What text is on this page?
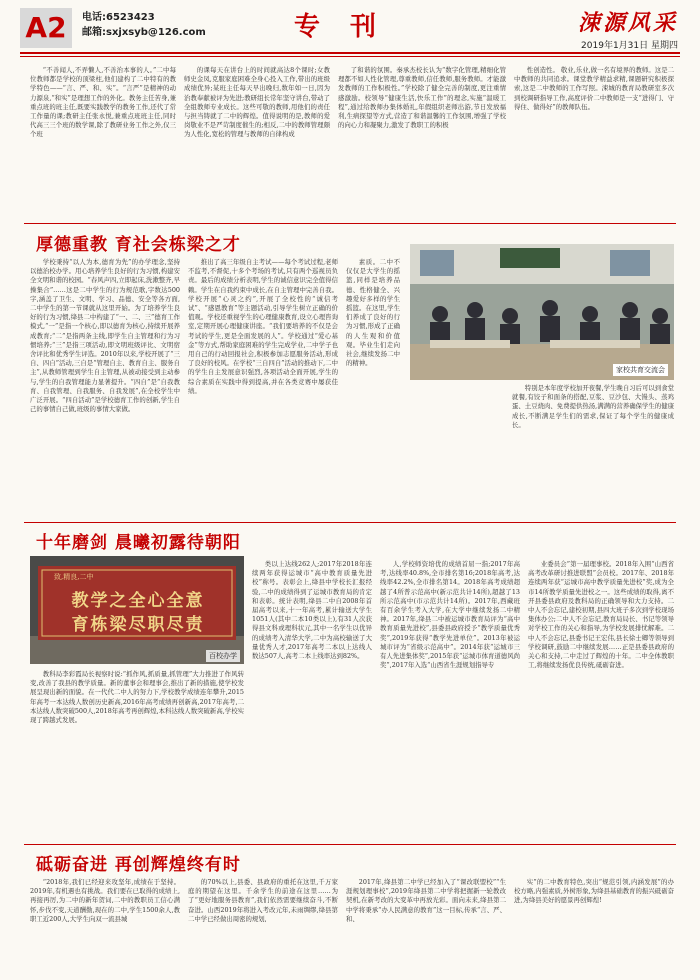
A2	电话:6523423
邮箱:sxjxsyb@126.com	专刊	涑源风采
2019年1月31日 星期四

“不善闻人,不弄懒人,不善治本事的人。”二中每位教师都是学校的顶梁柱,他们建构了二中特有的教学特色——“言、严、和、实”。“言严”是精神的动力源泉,“和实”是理想工作的外化。教务主任苦身,兼重点班的班主任,既要实践教学的教务工作,还代了常工作量的课;教研主任张永悦,兼重点班班主任,同时代高三三个班的数学课,除了教研业务工作之外,仅三个班

的课每天在讲台上的时间就高达8个课时;女教师史金凤,克服家庭困难全身心投入工作,带出的班级成绩优异;某班主任每天早出晚归,数年如一日,因为治教奉献被评为先进;教研组长常年坚守讲台,带动了全组教师专业成长。这些可敬的教师,用他们的责任与担当铸就了二中的辉煌。值得说明的是,教师的爱岗敬业不是严苛制度催生的;相反,二中的教师管理颇为人性化,宽松的管理与教师的自律构成

了和谐的氛围。秦承杰校长认为“数字化管理,精细化管理都不如人性化管理,尊重教师,信任教师,服务教师。才能激发教师的工作积极性。”学校除了健全完善的制度,更注重情感激励。校领导“健康生活,快乐工作”的理念,实施“温暖工程”,通过给教师办集体婚礼,年假组织老师出游,节日发放福利,生病探望等方式,营造了和谐温馨的工作氛围,增强了学校的向心力和凝聚力,激发了教职工的积极

性创造性。 敬业,乐业,做一名有境界的教师。这是二中教师的共同追求。课堂教学精益求精,课题研究积极探索,这是二中教师的工作写照。涑城的教育局教研室多次到校调研指导工作,高度评价二中教师是一支“进得门、守得住、做得好”的教师队伍。

厚德重教 育社会栋梁之才

学校秉持“以人为本,德育为先”的办学理念,坚持以德治校办学。用心培养学生良好的行为习惯,构建安全文明和谐的校园。“春风声四,立即起床,洗漱整齐,早操集合”……这是二中学生的行为规范歌,字数达500字,涵盖了卫生、文明、学习、品德、安全等各方面,二中学生的第一节课就从这里开始。为了培养学生良好的行为习惯,绛县二中构建了“一、二、三”德育工作模式,“一”是指一个核心,即以德育为核心,持续开展养成教育;“二”是指两条主线,即学生自主管理和行为习惯培养;“三”是指三项活动,即文明班级评比、文明宿舍评比和优秀学生评选。2010年以来,学校开展了“三自、四自”活动,三自是“管理自主、教育自主、服务自主”,从教师管理到学生自主管理,从被动接受到主动参与,学生的自我管理能力显著提升。“四自”是“自我教育、自我管理、自我服务、自我发展”,在全校学生中广泛开展。“四自活动”是学校德育工作的创新,学生自己的事情自己做,班级的事情大家做。

推出了高三年级自主考试——每个考试过程,老师不监考,不督促,十多个考场的考试,只有两个巡视员负责。最后的成绩分析表明,学生的诚信意识完全值得信赖。学生在自我约束中成长,在自主管理中完善自我。学校开展“心灵之约”,开展了全校性的“诚信考试”、“感恩教育”等主题活动,引导学生树立正确的价值观。学校还重视学生的心理健康教育,设立心理咨询室,定期开展心理健康讲座。“我们要培养的不仅是会考试的学生,更是全面发展的人”。学校通过“爱心基金”等方式,帮助家庭困难的学生完成学业,二中学子也用自己的行动回报社会,积极参加志愿服务活动,形成了良好的校风。在学校“三自四自”活动的推动下,二中的学生自主发展意识强烈,各项活动全面开展,学生的综合素质在实践中得到提高,并在各类竞赛中屡获佳绩。

素质。二中不仅仅是大学生的摇篮,同样是培养品德、性格健全、兴趣爱好多样的学生摇篮。在这里,学生们养成了良好的行为习惯,形成了正确的人生观和价值观。毕业生们走向社会,继续发扬二中的精神。

家校共育交流会

特别是本年度学校加开夜餐,学生晚自习后可以到食堂就餐,有饺子和面条的搭配,豆浆、豆沙包、大馒头、蒸鸡蛋、土豆烧肉、免费提供热汤,满满的营养确保学生的健康成长,不断满足学生们的需求,保证了每个学生的健康成长。

十年磨剑 晨曦初露待朝阳
致,精良,二中
教学之全心全意
育栋梁尽职尽责
百校办学

教科局李彩霞局长视察时说:“抓作风,抓质量,抓管理”大力推进了作风转变,改善了我县的教学质量。新的董事会和理事会,推出了新的措施,使学校发展呈现出新的面貌。在一代代二中人的努力下,学校教学成绩连年攀升,2015年高考一本达线人数创历史新高,2016年高考成绩再创新高,2017年高考,二本达线人数突破500人,2018年高考再创辉煌,本科达线人数突破新高,学校实现了跨越式发展。

类以上达线262人;2017年2018年连续两年获得运城市“高中教育质量先进校”称号。表彰会上,绛县中学校长汇报经验,二中的成绩得到了运城市教育局的肯定和表彰。统计表明,绛县二中自2008年首届高考以来,十一年高考,累计输送大学生1051人(其中二本10类以上),有31人次获得县文科或理科状元,其中一名学生以优异的成绩考入清华大学,二中为高校输送了大量优秀人才,2017年高考二本以上达线人数达507人,高考二本上线率达到82%。

人,学校师资培优的成绩首屈一指;2017年高考,达线率40.8%,全市排名第16;2018年高考,达线率42.2%,全市排名第14。2018年高考成绩超越了4所普示范高中(新示范共计14所),超越了13所示范高中(市示范共计14所)。2017年,西藏班有百余学生考入大学,在大学中继续发扬二中精神。2017年,绛县二中被运城市教育局评为“高中教育质量先进校”,县委县政府授予“教学质量优秀奖”,2019年获得“教学先进单位”。2013年被运城市评为“省级示范高中”。2014年获“运城市三有人先进集体奖”,2015年获“运城市体育道德风尚奖”,2017年入选“山西省生涯规划指导专

业委员会”第一届理事校。2018年入围“山西省高考改革研讨推进联盟”会员校。2017年、2018年连续两年获“运城市高中教学质量先进校”奖,成为全市14所教学质量先进校之一。这些成绩的取得,离不开县委县政府及教科局的正确领导和大力支持。二中人不会忘记,建校初期,县四大班子多次到学校现场集体办公;二中人不会忘记,教育局局长、书记等领导对学校工作的关心和指导,为学校发展排忧解难。二中人不会忘记,县委书记王宏伟,县长徐士卿等领导到学校调研,鼓励二中继续发展……正是县委县政府的关心和支持,二中走过了辉煌的十年。二中全体教职工,将继续发扬优良传统,砥砺奋进。

砥砺奋进 再创辉煌终有时

“2018年,我们已经迎来攻坚年,成绩在于坚持。2019年,有机遇也有挑战。我们要在已取得的成绩上,再接再厉,为二中的新年贺词,二中的教职员工信心满怀,步伐不变,天道酬勤,现在的二中,学生1500余人,教职工近200人,大学生向双一流县城

的70%以上,县委、县政府的重托在这里,千万家庭的期望在这里。千余学生的前途在这里……为了“更好地服务县教育”,我们依然需要继续奋斗,不断奋进。山西2019年将进入考改元年,未雨绸缪,绛县第二中学已经做出周密的规划,

2017年,绛县第二中学已经加入了“课改联盟校”“生涯规划理事校”,2019年绛县第二中学将把握新一轮教改契机,在新考改的大变革中再放光彩。面向未来,绛县第二中学将秉承“办人民满意的教育”这一目标,传承“言、严、和、

实”的二中教育特色,突出“规范引领,内涵发展”的办校方略,内强素质,外树形象,为绛县基础教育的振兴砥砺奋进,为绛县美好的愿景再创辉煌!
